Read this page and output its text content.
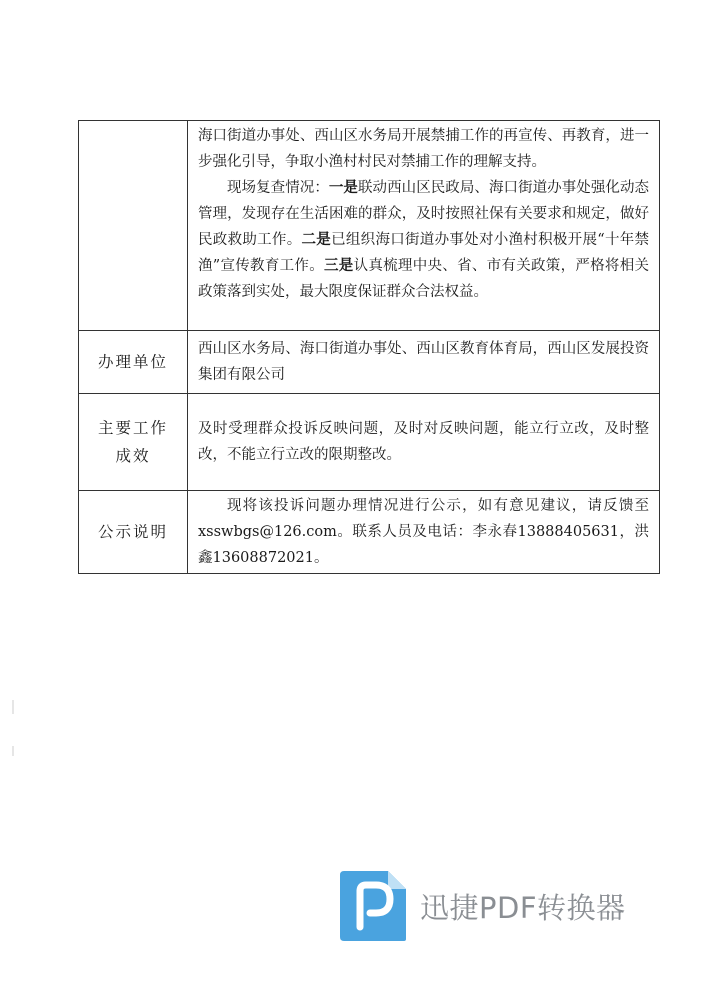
	海口街道办事处、西山区水务局开展禁捕工作的再宣传、再教育，进一步强化引导，争取小渔村村民对禁捕工作的理解支持。

现场复查情况：一是联动西山区民政局、海口街道办事处强化动态管理，发现存在生活困难的群众，及时按照社保有关要求和规定，做好民政救助工作。二是已组织海口街道办事处对小渔村积极开展“十年禁渔”宣传教育工作。三是认真梳理中央、省、市有关政策，严格将相关政策落到实处，最大限度保证群众合法权益。

办理单位	西山区水务局、海口街道办事处、西山区教育体育局，西山区发展投资集团有限公司

主要工作
成效	及时受理群众投诉反映问题，及时对反映问题，能立行立改，及时整改，不能立行立改的限期整改。
公示说明	现将该投诉问题办理情况进行公示，如有意见建议，请反馈至xsswbgs@126.com。联系人员及电话：李永春13888405631，洪鑫13608872021。

迅捷PDF转换器
